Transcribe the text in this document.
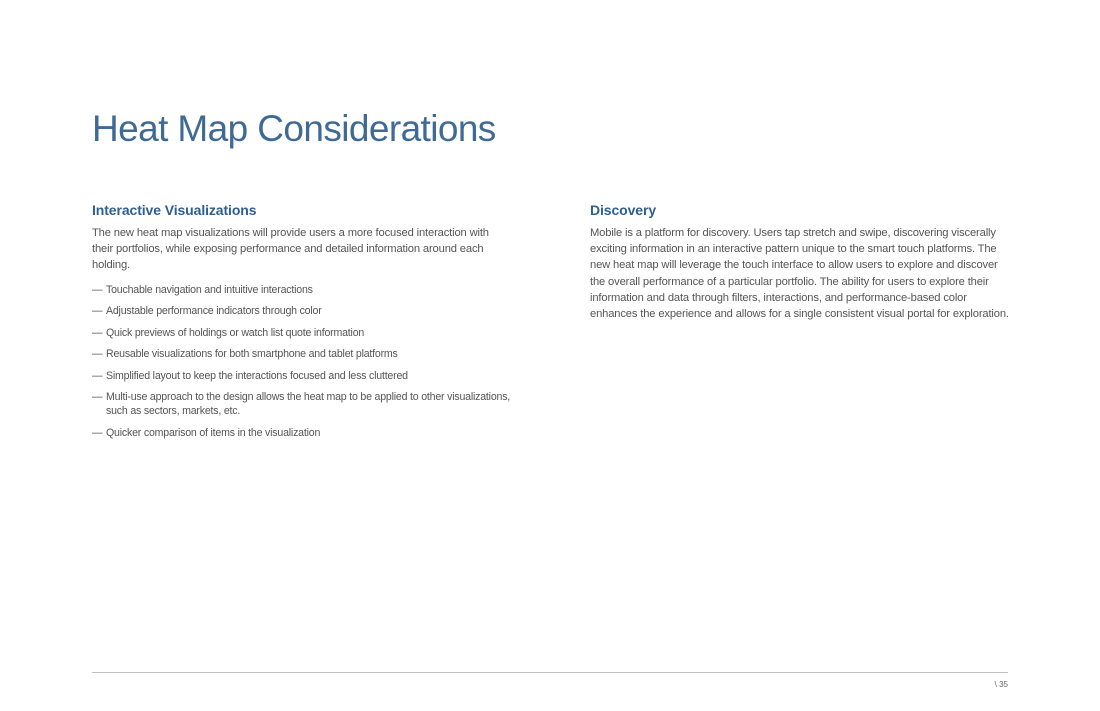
Heat Map Considerations
Interactive Visualizations

The new heat map visualizations will provide users a more focused interaction with their portfolios, while exposing performance and detailed information around each holding.

— Touchable navigation and intuitive interactions
— Adjustable performance indicators through color
— Quick previews of holdings or watch list quote information
— Reusable visualizations for both smartphone and tablet platforms
— Simplified layout to keep the interactions focused and less cluttered
— Multi-use approach to the design allows the heat map to be applied to other visualizations, such as sectors, markets, etc.
— Quicker comparison of items in the visualization
Discovery

Mobile is a platform for discovery. Users tap stretch and swipe, discovering viscerally exciting information in an interactive pattern unique to the smart touch platforms. The new heat map will leverage the touch interface to allow users to explore and discover the overall performance of a particular portfolio. The ability for users to explore their information and data through filters, interactions, and performance-based color enhances the experience and allows for a single consistent visual portal for exploration.

\ 35
